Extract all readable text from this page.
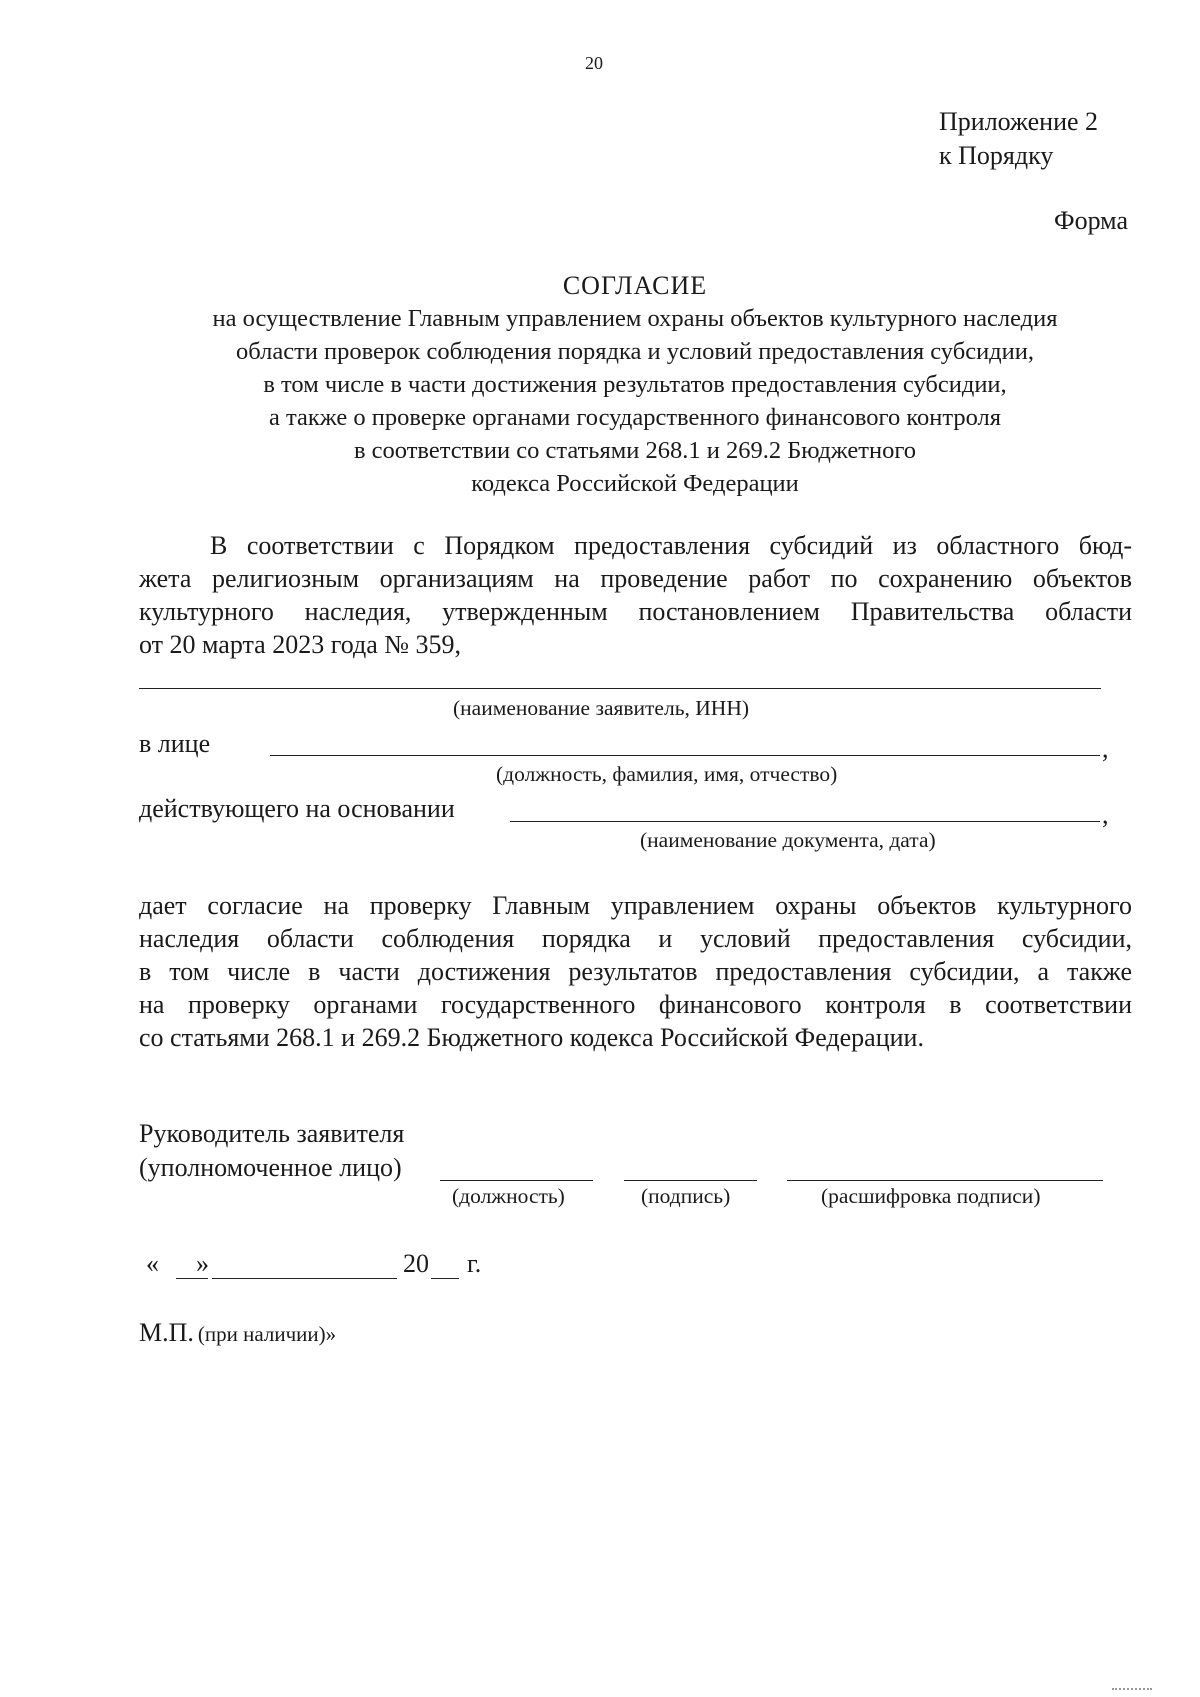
20
Приложение 2
к Порядку
Форма
СОГЛАСИЕ
на осуществление Главным управлением охраны объектов культурного наследия
области проверок соблюдения порядка и условий предоставления субсидии,
в том числе в части достижения результатов предоставления субсидии,
а также о проверке органами государственного финансового контроля
в соответствии со статьями 268.1 и 269.2 Бюджетного
кодекса Российской Федерации
В соответствии с Порядком предоставления субсидий из областного бюд-
жета религиозным организациям на проведение работ по сохранению объектов
культурного наследия, утвержденным постановлением Правительства области
от 20 марта 2023 года № 359,
(наименование заявитель, ИНН)
в лице	,
(должность, фамилия, имя, отчество)
действующего на основании	,
(наименование документа, дата)
дает согласие на проверку Главным управлением охраны объектов культурного
наследия области соблюдения порядка и условий предоставления субсидии,
в том числе в части достижения результатов предоставления субсидии, а также
на проверку органами государственного финансового контроля в соответствии
со статьями 268.1 и 269.2 Бюджетного кодекса Российской Федерации.
Руководитель заявителя
(уполномоченное лицо)
(должность)	(подпись)	(расшифровка подписи)
« »	20 г.
М.П. (при наличии)»
